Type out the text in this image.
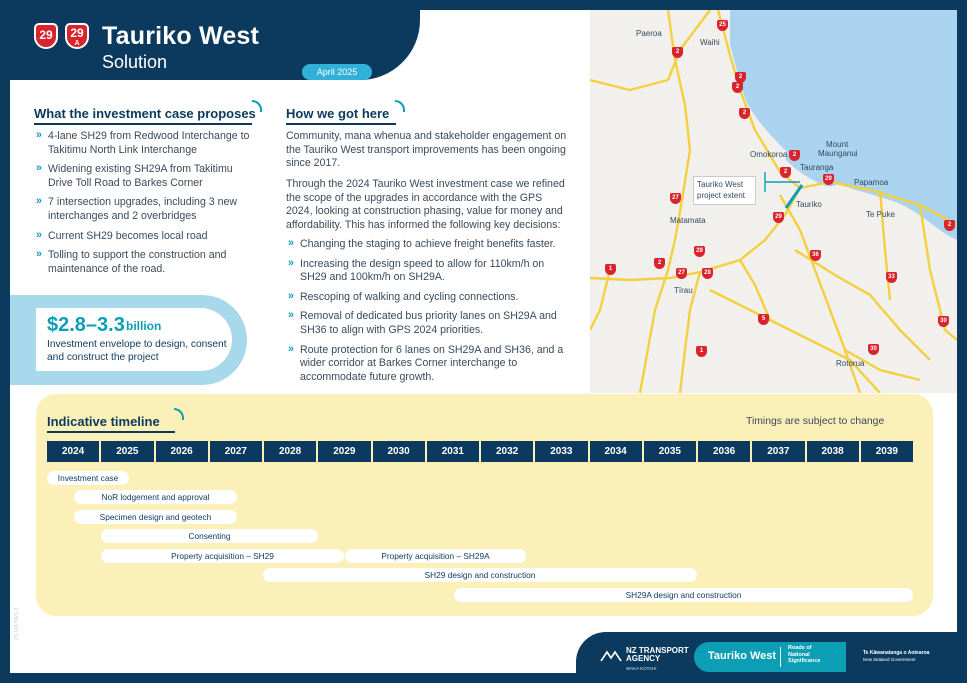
29	29
A Tauriko West
Solution	April 2025
What the investment case proposes
» 4-lane SH29 from Redwood Interchange to Takitimu North Link Interchange
» Widening existing SH29A from Takitimu Drive Toll Road to Barkes Corner
» 7 intersection upgrades, including 3 new interchanges and 2 overbridges
» Current SH29 becomes local road
» Tolling to support the construction and maintenance of the road.
$2.8–3.3 billion
Investment envelope to design, consent and construct the project
How we got here
Community, mana whenua and stakeholder engagement on the Tauriko West transport improvements has been ongoing since 2017.
Through the 2024 Tauriko West investment case we refined the scope of the upgrades in accordance with the GPS 2024, looking at construction phasing, value for money and affordability. This has informed the following key decisions:
» Changing the staging to achieve freight benefits faster.
» Increasing the design speed to allow for 110km/h on SH29 and 100km/h on SH29A.
» Rescoping of walking and cycling connections.
» Removal of dedicated bus priority lanes on SH29A and SH36 to align with GPS 2024 priorities.
» Route protection for 6 lanes on SH29A and SH36, and a wider corridor at Barkes Corner interchange to accommodate future growth.
Paeroa
Waihi
Mount
Maunganui
Omokoroa
Tauranga
Papamoa
Tauriko
Te Puke
Matamata
Tīrau
Rotorua
Tauriko West
project extent
25
2
2
2
2
29
29
27
2
29
2
27	28
36
33
1
5	30
30
1
2
2
Indicative timeline	Timings are subject to change
2024	2025	2026	2027	2028	2029	2030	2031	2032	2033	2034	2035	2036	2037	2038	2039
Investment case
NoR lodgement and approval
Specimen design and geotech
Consenting
Property acquisition – SH29	Property acquisition – SH29A
SH29 design and construction
SH29A design and construction
NZ TRANSPORT
AGENCY
WAKA KOTAHI
Tauriko West
Roads of
National
Significance
Te Kāwanatanga o Aotearoa
New Zealand Government
25-145 TWS 2
